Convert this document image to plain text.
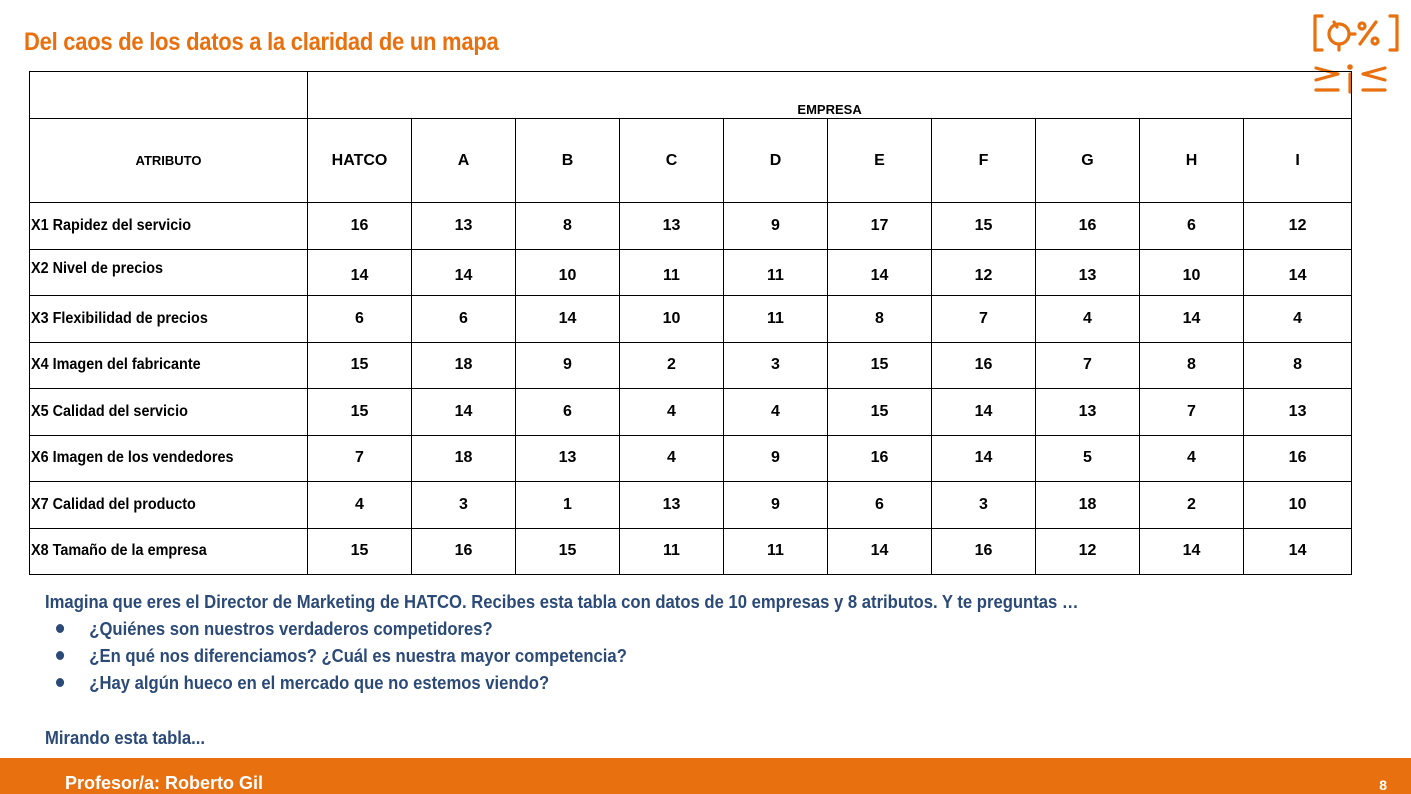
Del caos de los datos a la claridad de un mapa
	EMPRESA									
ATRIBUTO	HATCO	A	B	C	D	E	F	G	H	I
X1 Rapidez del servicio	16	13	8	13	9	17	15	16	6	12
X2 Nivel de precios	14	14	10	11	11	14	12	13	10	14
X3 Flexibilidad de precios	6	6	14	10	11	8	7	4	14	4
X4 Imagen del fabricante	15	18	9	2	3	15	16	7	8	8
X5 Calidad del servicio	15	14	6	4	4	15	14	13	7	13
X6 Imagen de los vendedores	7	18	13	4	9	16	14	5	4	16
X7 Calidad del producto	4	3	1	13	9	6	3	18	2	10
X8 Tamaño de la empresa	15	16	15	11	11	14	16	12	14	14
Imagina que eres el Director de Marketing de HATCO. Recibes esta tabla con datos de 10 empresas y 8 atributos. Y te preguntas …
¿Quiénes son nuestros verdaderos competidores?
¿En qué nos diferenciamos? ¿Cuál es nuestra mayor competencia?
¿Hay algún hueco en el mercado que no estemos viendo?
Mirando esta tabla...
Profesor/a: Roberto Gil	8
